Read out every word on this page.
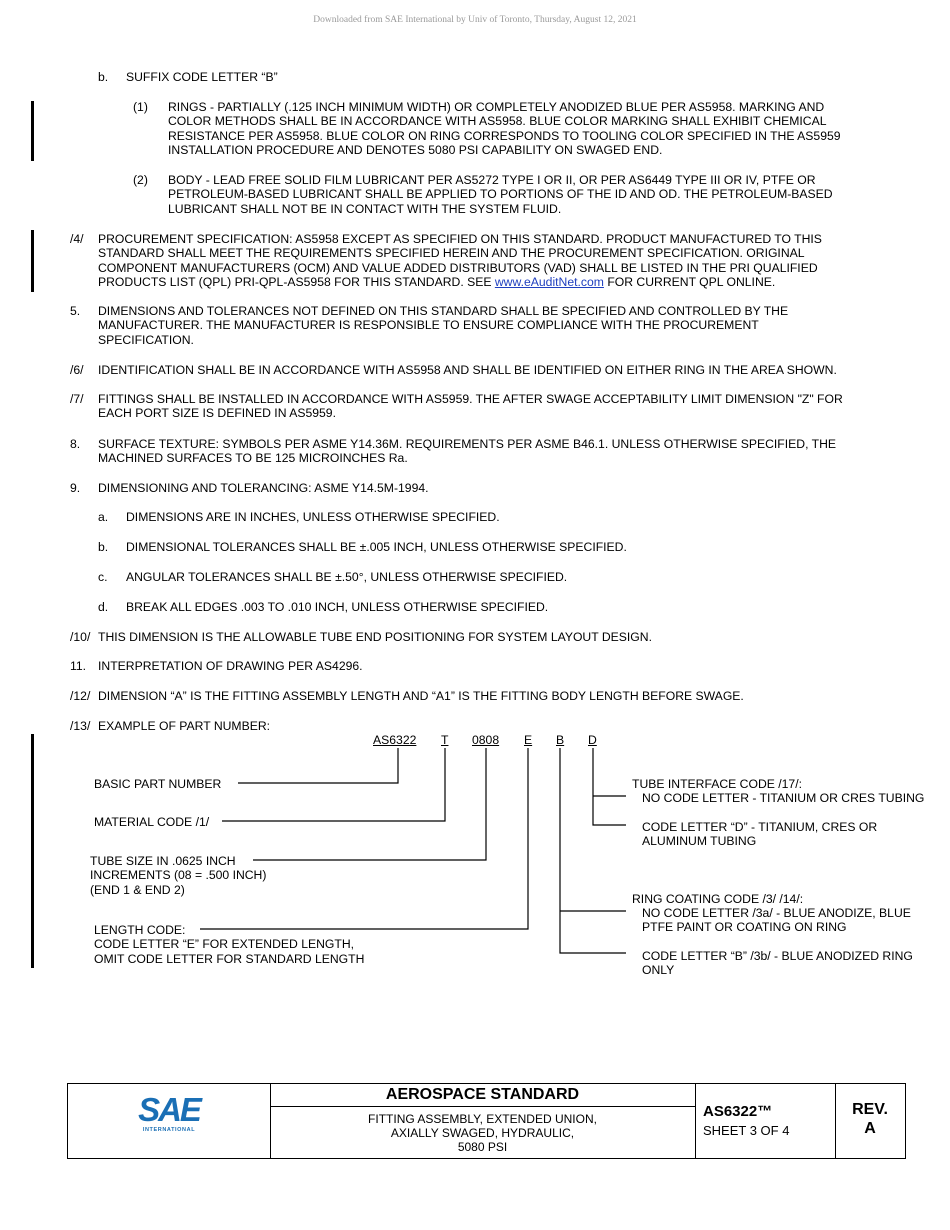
Downloaded from SAE International by Univ of Toronto, Thursday, August 12, 2021
b. SUFFIX CODE LETTER “B”
(1) RINGS - PARTIALLY (.125 INCH MINIMUM WIDTH) OR COMPLETELY ANODIZED BLUE PER AS5958. MARKING AND
COLOR METHODS SHALL BE IN ACCORDANCE WITH AS5958. BLUE COLOR MARKING SHALL EXHIBIT CHEMICAL
RESISTANCE PER AS5958. BLUE COLOR ON RING CORRESPONDS TO TOOLING COLOR SPECIFIED IN THE AS5959
INSTALLATION PROCEDURE AND DENOTES 5080 PSI CAPABILITY ON SWAGED END.
(2) BODY - LEAD FREE SOLID FILM LUBRICANT PER AS5272 TYPE I OR II, OR PER AS6449 TYPE III OR IV, PTFE OR
PETROLEUM-BASED LUBRICANT SHALL BE APPLIED TO PORTIONS OF THE ID AND OD. THE PETROLEUM-BASED
LUBRICANT SHALL NOT BE IN CONTACT WITH THE SYSTEM FLUID.
/4/ PROCUREMENT SPECIFICATION: AS5958 EXCEPT AS SPECIFIED ON THIS STANDARD. PRODUCT MANUFACTURED TO THIS
STANDARD SHALL MEET THE REQUIREMENTS SPECIFIED HEREIN AND THE PROCUREMENT SPECIFICATION. ORIGINAL
COMPONENT MANUFACTURERS (OCM) AND VALUE ADDED DISTRIBUTORS (VAD) SHALL BE LISTED IN THE PRI QUALIFIED
PRODUCTS LIST (QPL) PRI-QPL-AS5958 FOR THIS STANDARD. SEE www.eAuditNet.com FOR CURRENT QPL ONLINE.
5. DIMENSIONS AND TOLERANCES NOT DEFINED ON THIS STANDARD SHALL BE SPECIFIED AND CONTROLLED BY THE
MANUFACTURER. THE MANUFACTURER IS RESPONSIBLE TO ENSURE COMPLIANCE WITH THE PROCUREMENT
SPECIFICATION.
/6/ IDENTIFICATION SHALL BE IN ACCORDANCE WITH AS5958 AND SHALL BE IDENTIFIED ON EITHER RING IN THE AREA SHOWN.
/7/ FITTINGS SHALL BE INSTALLED IN ACCORDANCE WITH AS5959. THE AFTER SWAGE ACCEPTABILITY LIMIT DIMENSION "Z" FOR
EACH PORT SIZE IS DEFINED IN AS5959.
8. SURFACE TEXTURE: SYMBOLS PER ASME Y14.36M. REQUIREMENTS PER ASME B46.1. UNLESS OTHERWISE SPECIFIED, THE
MACHINED SURFACES TO BE 125 MICROINCHES Ra.
9. DIMENSIONING AND TOLERANCING: ASME Y14.5M-1994.
a. DIMENSIONS ARE IN INCHES, UNLESS OTHERWISE SPECIFIED.
b. DIMENSIONAL TOLERANCES SHALL BE ±.005 INCH, UNLESS OTHERWISE SPECIFIED.
c. ANGULAR TOLERANCES SHALL BE ±.50°, UNLESS OTHERWISE SPECIFIED.
d. BREAK ALL EDGES .003 TO .010 INCH, UNLESS OTHERWISE SPECIFIED.
/10/ THIS DIMENSION IS THE ALLOWABLE TUBE END POSITIONING FOR SYSTEM LAYOUT DESIGN.
11. INTERPRETATION OF DRAWING PER AS4296.
/12/ DIMENSION “A” IS THE FITTING ASSEMBLY LENGTH AND “A1” IS THE FITTING BODY LENGTH BEFORE SWAGE.
/13/ EXAMPLE OF PART NUMBER:
AS6322 T 0808 E B D
BASIC PART NUMBER
MATERIAL CODE /1/
TUBE SIZE IN .0625 INCH
INCREMENTS (08 = .500 INCH)
(END 1 & END 2)
LENGTH CODE:
CODE LETTER “E” FOR EXTENDED LENGTH,
OMIT CODE LETTER FOR STANDARD LENGTH
TUBE INTERFACE CODE /17/:
NO CODE LETTER - TITANIUM OR CRES TUBING
CODE LETTER “D” - TITANIUM, CRES OR
ALUMINUM TUBING
RING COATING CODE /3/ /14/:
NO CODE LETTER /3a/ - BLUE ANODIZE, BLUE
PTFE PAINT OR COATING ON RING
CODE LETTER “B” /3b/ - BLUE ANODIZED RING
ONLY
SAE
INTERNATIONAL
AEROSPACE STANDARD
FITTING ASSEMBLY, EXTENDED UNION,
AXIALLY SWAGED, HYDRAULIC,
5080 PSI
AS6322™
SHEET 3 OF 4
REV.
A
